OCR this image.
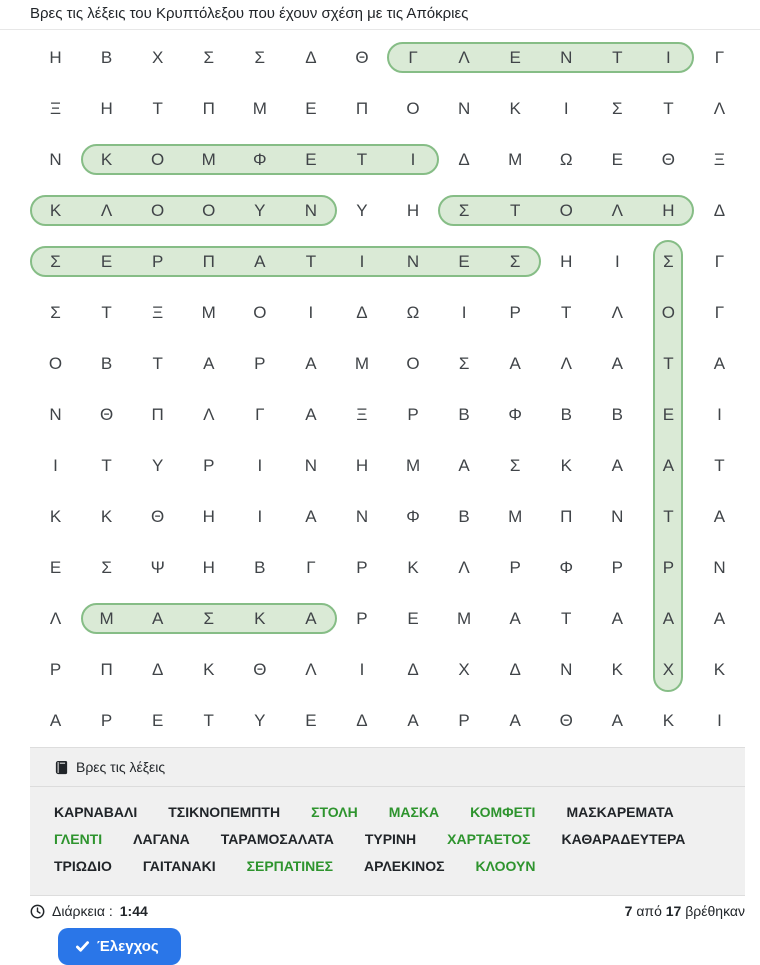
Βρες τις λέξεις του Κρυπτόλεξου που έχουν σχέση με τις Απόκριες
Η	Β	Χ	Σ	Σ	Δ	Θ	Γ	Λ	Ε	Ν	Τ	Ι	Γ
Ξ	Η	Τ	Π	Μ	Ε	Π	Ο	Ν	Κ	Ι	Σ	Τ	Λ
Ν	Κ	Ο	Μ	Φ	Ε	Τ	Ι	Δ	Μ	Ω	Ε	Θ	Ξ
Κ	Λ	Ο	Ο	Υ	Ν	Υ	Η	Σ	Τ	Ο	Λ	Η	Δ
Σ	Ε	Ρ	Π	Α	Τ	Ι	Ν	Ε	Σ	Η	Ι	Σ	Γ
Σ	Τ	Ξ	Μ	Ο	Ι	Δ	Ω	Ι	Ρ	Τ	Λ	Ο	Γ
Ο	Β	Τ	Α	Ρ	Α	Μ	Ο	Σ	Α	Λ	Α	Τ	Α
Ν	Θ	Π	Λ	Γ	Α	Ξ	Ρ	Β	Φ	Β	Β	Ε	Ι
Ι	Τ	Υ	Ρ	Ι	Ν	Η	Μ	Α	Σ	Κ	Α	Α	Τ
Κ	Κ	Θ	Η	Ι	Α	Ν	Φ	Β	Μ	Π	Ν	Τ	Α
Ε	Σ	Ψ	Η	Β	Γ	Ρ	Κ	Λ	Ρ	Φ	Ρ	Ρ	Ν
Λ	Μ	Α	Σ	Κ	Α	Ρ	Ε	Μ	Α	Τ	Α	Α	Α
Ρ	Π	Δ	Κ	Θ	Λ	Ι	Δ	Χ	Δ	Ν	Κ	Χ	Κ
Α	Ρ	Ε	Τ	Υ	Ε	Δ	Α	Ρ	Α	Θ	Α	Κ	Ι
Βρες τις λέξεις
ΚΑΡΝΑΒΑΛΙ ΤΣΙΚΝΟΠΕΜΠΤΗ ΣΤΟΛΗ ΜΑΣΚΑ ΚΟΜΦΕΤΙ ΜΑΣΚΑΡΕΜΑΤΑ
ΓΛΕΝΤΙ ΛΑΓΑΝΑ ΤΑΡΑΜΟΣΑΛΑΤΑ ΤΥΡΙΝΗ ΧΑΡΤΑΕΤΟΣ ΚΑΘΑΡΑΔΕΥΤΕΡΑ
ΤΡΙΩΔΙΟ ΓΑΙΤΑΝΑΚΙ ΣΕΡΠΑΤΙΝΕΣ ΑΡΛΕΚΙΝΟΣ ΚΛΟΟΥΝ
Διάρκεια : 1:44	7 από 17 βρέθηκαν
Έλεγχος
